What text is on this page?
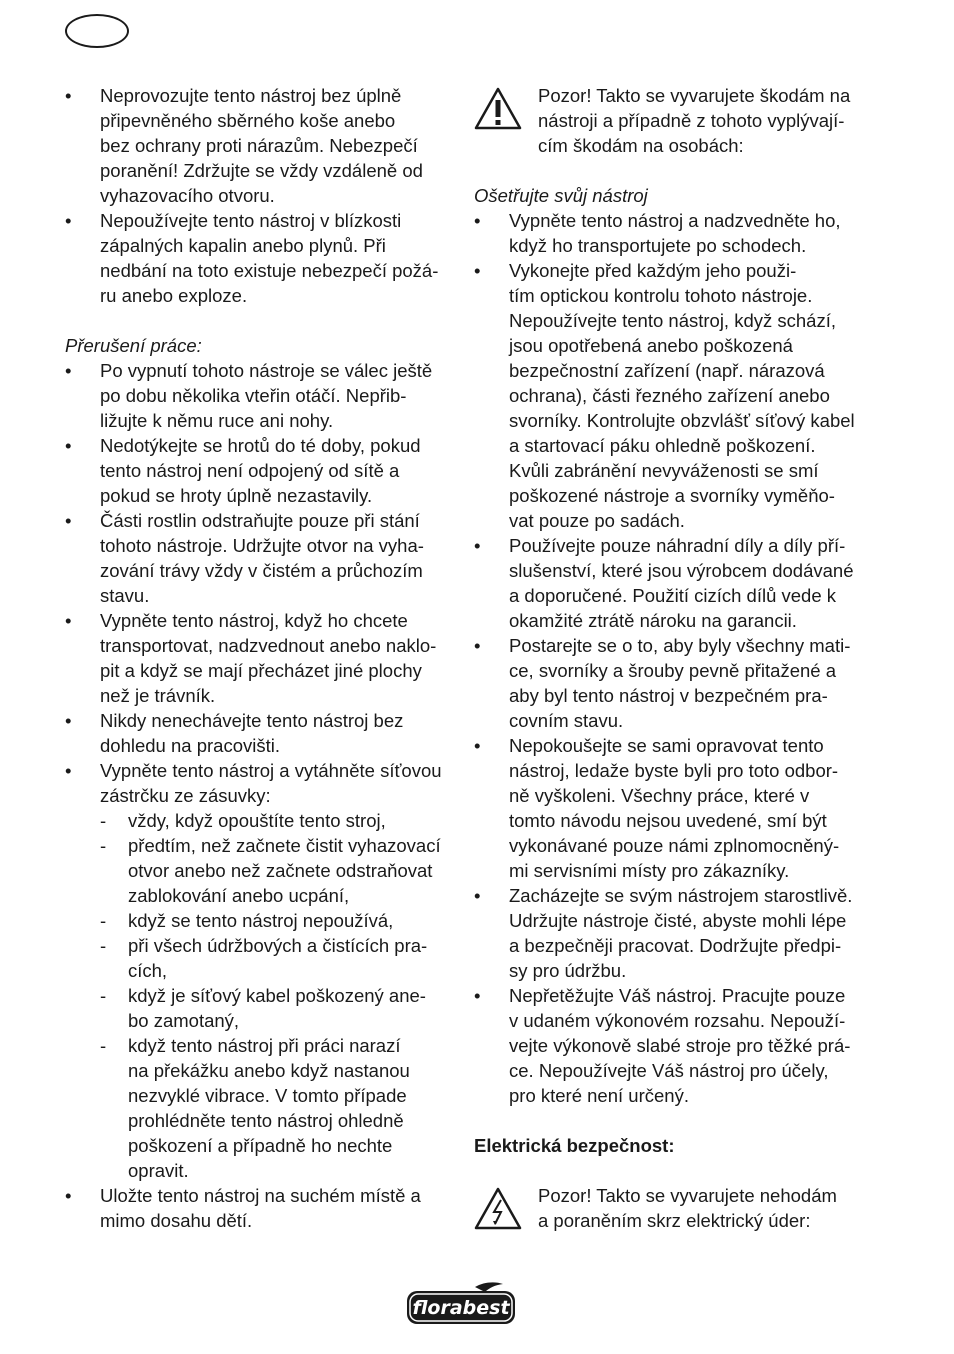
• Neprovozujte tento nástroj bez úplně
připevněného sběrného koše anebo
bez ochrany proti nárazům. Nebezpečí
poranění! Zdržujte se vždy vzdáleně od
vyhazovacího otvoru.
• Nepoužívejte tento nástroj v blízkosti
zápalných kapalin anebo plynů. Při
nedbání na toto existuje nebezpečí požá-
ru anebo exploze.

Přerušení práce:

• Po vypnutí tohoto nástroje se válec ještě
po dobu několika vteřin otáčí. Nepřib-
ližujte k němu ruce ani nohy.
• Nedotýkejte se hrotů do té doby, pokud
tento nástroj není odpojený od sítě a
pokud se hroty úplně nezastavily.
• Části rostlin odstraňujte pouze při stání
tohoto nástroje. Udržujte otvor na vyha-
zování trávy vždy v čistém a průchozím
stavu.
• Vypněte tento nástroj, když ho chcete
transportovat, nadzvednout anebo naklo-
pit a když se mají přecházet jiné plochy
než je trávník.
• Nikdy nenechávejte tento nástroj bez
dohledu na pracovišti.
• Vypněte tento nástroj a vytáhněte síťovou
zástrčku ze zásuvky:
- vždy, když opouštíte tento stroj,
- předtím, než začnete čistit vyhazovací
otvor anebo než začnete odstraňovat
zablokování anebo ucpání,
- když se tento nástroj nepoužívá,
- při všech údržbových a čistících pra-
cích,
- když je síťový kabel poškozený ane-
bo zamotaný,
- když tento nástroj při práci narazí
na překážku anebo když nastanou
nezvyklé vibrace. V tomto případe
prohlédněte tento nástroj ohledně
poškození a případně ho nechte
opravit.
• Uložte tento nástroj na suchém místě a
mimo dosahu dětí.
Pozor! Takto se vyvarujete škodám na
nástroji a případně z tohoto vyplývají-
cím škodám na osobách:

Ošetřujte svůj nástroj

• Vypněte tento nástroj a nadzvedněte ho,
když ho transportujete po schodech.
• Vykonejte před každým jeho použi-
tím optickou kontrolu tohoto nástroje.
Nepoužívejte tento nástroj, když schází,
jsou opotřebená anebo poškozená
bezpečnostní zařízení (např. nárazová
ochrana), části řezného zařízení anebo
svorníky. Kontrolujte obzvlášť síťový kabel
a startovací páku ohledně poškození.
Kvůli zabránění nevyváženosti se smí
poškozené nástroje a svorníky vyměňo-
vat pouze po sadách.
• Používejte pouze náhradní díly a díly pří-
slušenství, které jsou výrobcem dodávané
a doporučené. Použití cizích dílů vede k
okamžité ztrátě nároku na garancii.
• Postarejte se o to, aby byly všechny mati-
ce, svorníky a šrouby pevně přitažené a
aby byl tento nástroj v bezpečném pra-
covním stavu.
• Nepokoušejte se sami opravovat tento
nástroj, ledaže byste byli pro toto odbor-
ně vyškoleni. Všechny práce, které v
tomto návodu nejsou uvedené, smí být
vykonávané pouze námi zplnomocněný-
mi servisními místy pro zákazníky.
• Zacházejte se svým nástrojem starostlivě.
Udržujte nástroje čisté, abyste mohli lépe
a bezpečněji pracovat. Dodržujte předpi-
sy pro údržbu.
• Nepřetěžujte Váš nástroj. Pracujte pouze
v udaném výkonovém rozsahu. Nepouží-
vejte výkonově slabé stroje pro těžké prá-
ce. Nepoužívejte Váš nástroj pro účely,
pro které není určený.

Elektrická bezpečnost:

Pozor! Takto se vyvarujete nehodám
a poraněním skrz elektrický úder:
florabest
